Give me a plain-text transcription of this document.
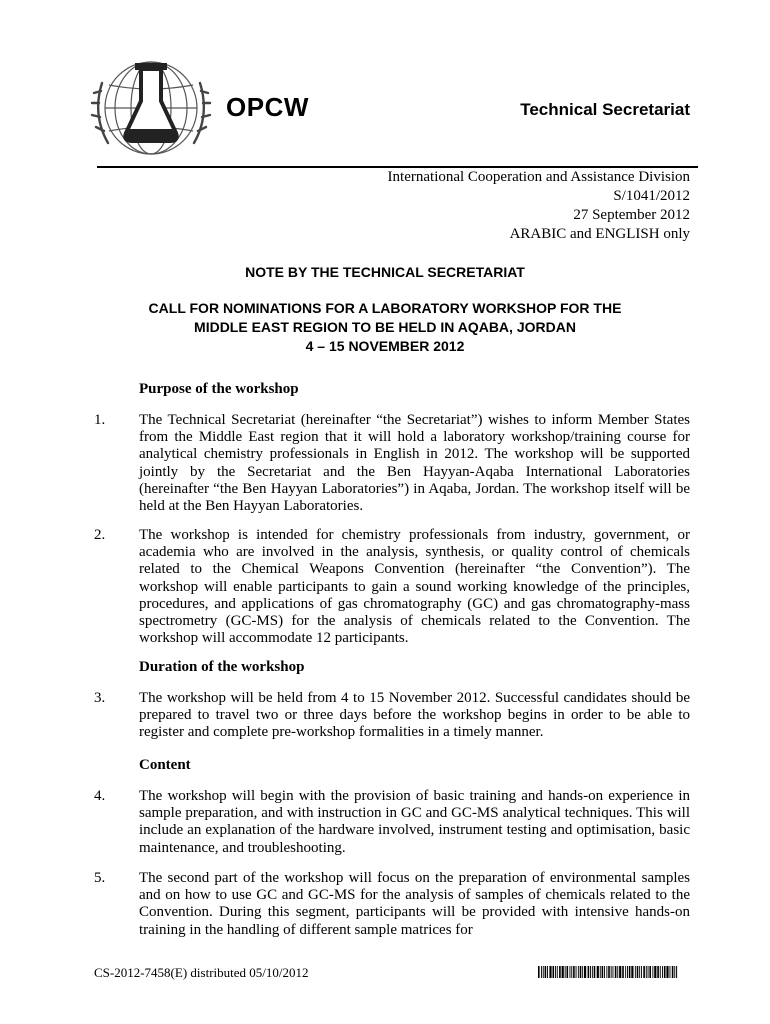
OPCW	Technical Secretariat
International Cooperation and Assistance Division
S/1041/2012
27 September 2012
ARABIC and ENGLISH only
NOTE BY THE TECHNICAL SECRETARIAT
CALL FOR NOMINATIONS FOR A LABORATORY WORKSHOP FOR THE
MIDDLE EAST REGION TO BE HELD IN AQABA, JORDAN
4 – 15 NOVEMBER 2012
Purpose of the workshop
1.	The Technical Secretariat (hereinafter “the Secretariat”) wishes to inform Member States from the Middle East region that it will hold a laboratory workshop/training course for analytical chemistry professionals in English in 2012. The workshop will be supported jointly by the Secretariat and the Ben Hayyan-Aqaba International Laboratories (hereinafter “the Ben Hayyan Laboratories”) in Aqaba, Jordan. The workshop itself will be held at the Ben Hayyan Laboratories.
2.	The workshop is intended for chemistry professionals from industry, government, or academia who are involved in the analysis, synthesis, or quality control of chemicals related to the Chemical Weapons Convention (hereinafter “the Convention”). The workshop will enable participants to gain a sound working knowledge of the principles, procedures, and applications of gas chromatography (GC) and gas chromatography-mass spectrometry (GC-MS) for the analysis of chemicals related to the Convention. The workshop will accommodate 12 participants.
Duration of the workshop
3.	The workshop will be held from 4 to 15 November 2012. Successful candidates should be prepared to travel two or three days before the workshop begins in order to be able to register and complete pre-workshop formalities in a timely manner.
Content
4.	The workshop will begin with the provision of basic training and hands-on experience in sample preparation, and with instruction in GC and GC-MS analytical techniques. This will include an explanation of the hardware involved, instrument testing and optimisation, basic maintenance, and troubleshooting.
5.	The second part of the workshop will focus on the preparation of environmental samples and on how to use GC and GC-MS for the analysis of samples of chemicals related to the Convention. During this segment, participants will be provided with intensive hands-on training in the handling of different sample matrices for
CS-2012-7458(E) distributed 05/10/2012
